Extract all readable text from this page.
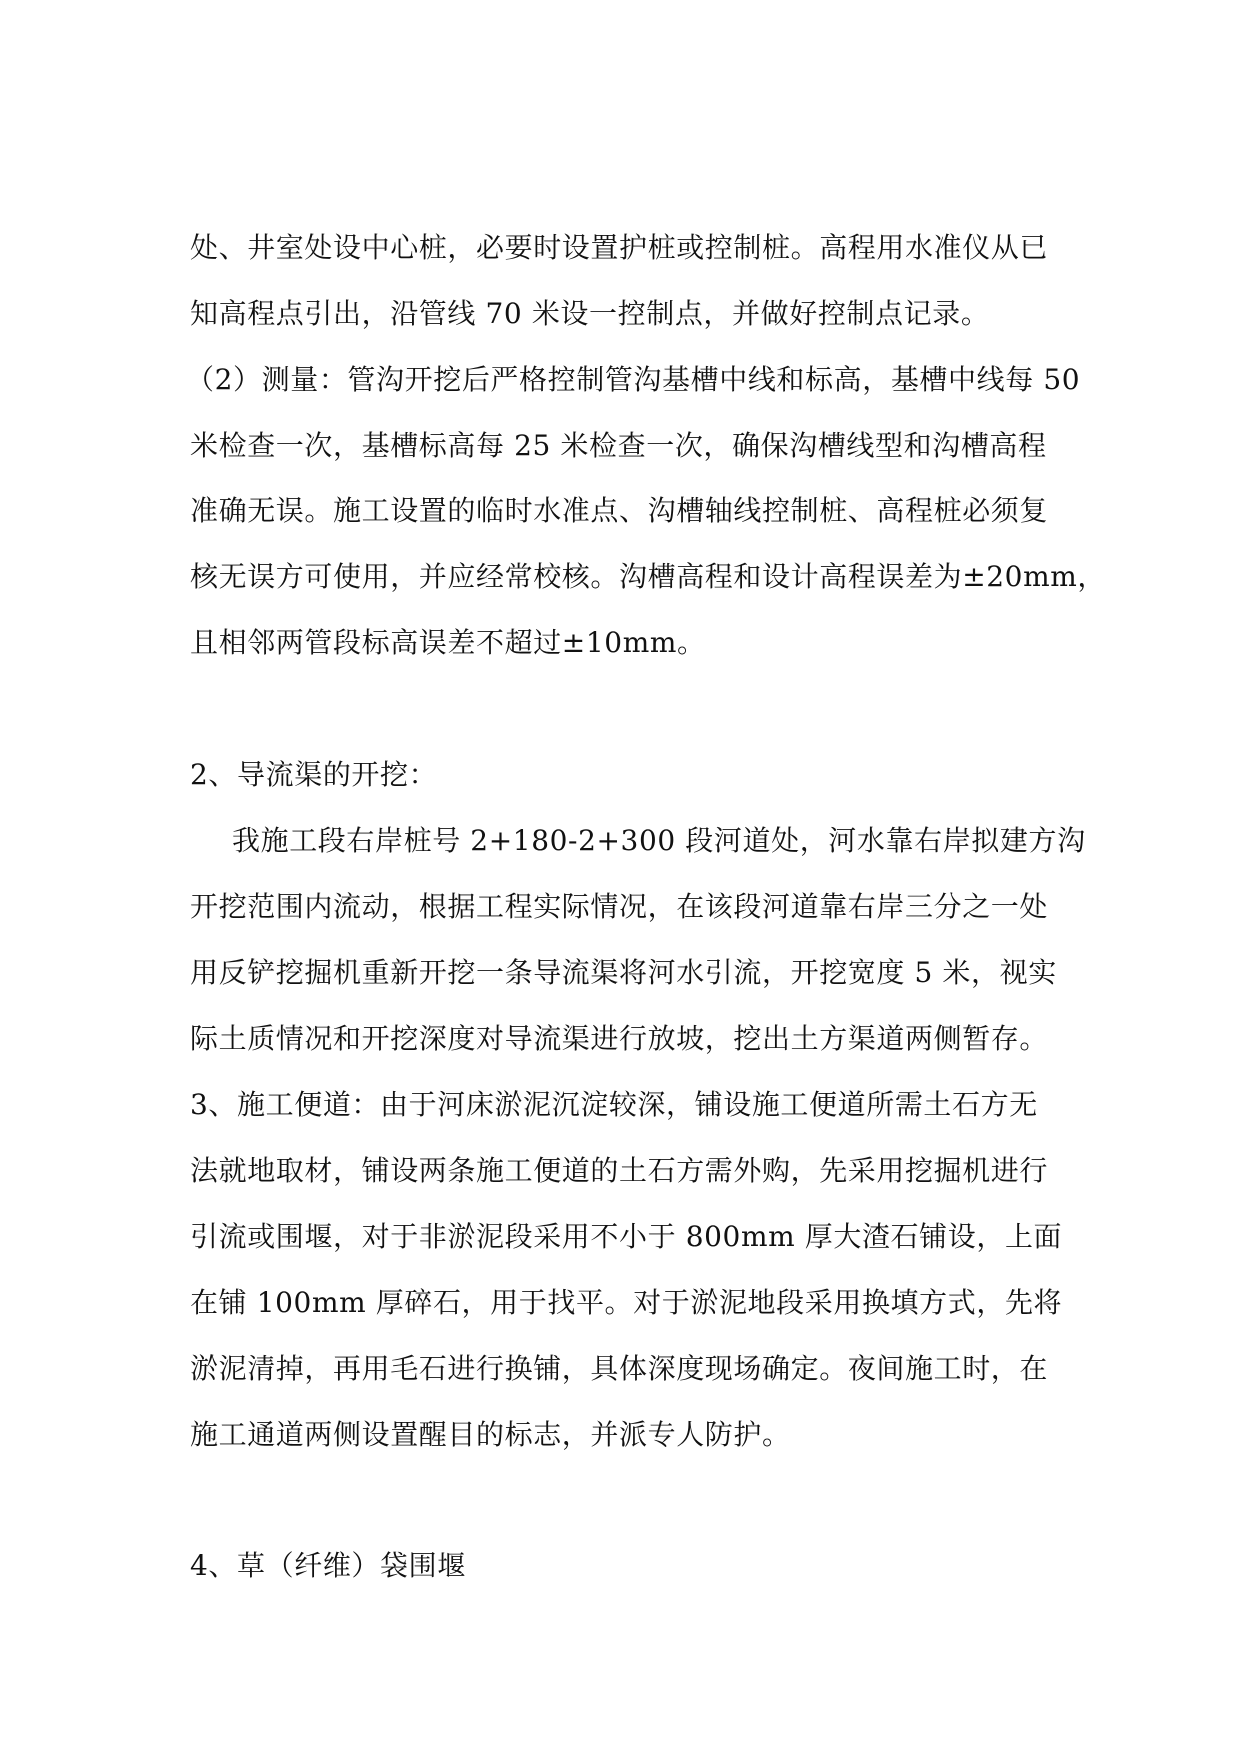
处、井室处设中心桩，必要时设置护桩或控制桩。高程用水准仪从已
知高程点引出，沿管线 70 米设一控制点，并做好控制点记录。
（2）测量：管沟开挖后严格控制管沟基槽中线和标高，基槽中线每 50
米检查一次，基槽标高每 25 米检查一次，确保沟槽线型和沟槽高程
准确无误。施工设置的临时水准点、沟槽轴线控制桩、高程桩必须复
核无误方可使用，并应经常校核。沟槽高程和设计高程误差为±20mm，
且相邻两管段标高误差不超过±10mm。
2、导流渠的开挖：
我施工段右岸桩号 2+180-2+300 段河道处，河水靠右岸拟建方沟
开挖范围内流动，根据工程实际情况，在该段河道靠右岸三分之一处
用反铲挖掘机重新开挖一条导流渠将河水引流，开挖宽度 5 米，视实
际土质情况和开挖深度对导流渠进行放坡，挖出土方渠道两侧暂存。
3、施工便道：由于河床淤泥沉淀较深，铺设施工便道所需土石方无
法就地取材，铺设两条施工便道的土石方需外购，先采用挖掘机进行
引流或围堰，对于非淤泥段采用不小于 800mm 厚大渣石铺设，上面
在铺 100mm 厚碎石，用于找平。对于淤泥地段采用换填方式，先将
淤泥清掉，再用毛石进行换铺，具体深度现场确定。夜间施工时，在
施工通道两侧设置醒目的标志，并派专人防护。
4、草（纤维）袋围堰
